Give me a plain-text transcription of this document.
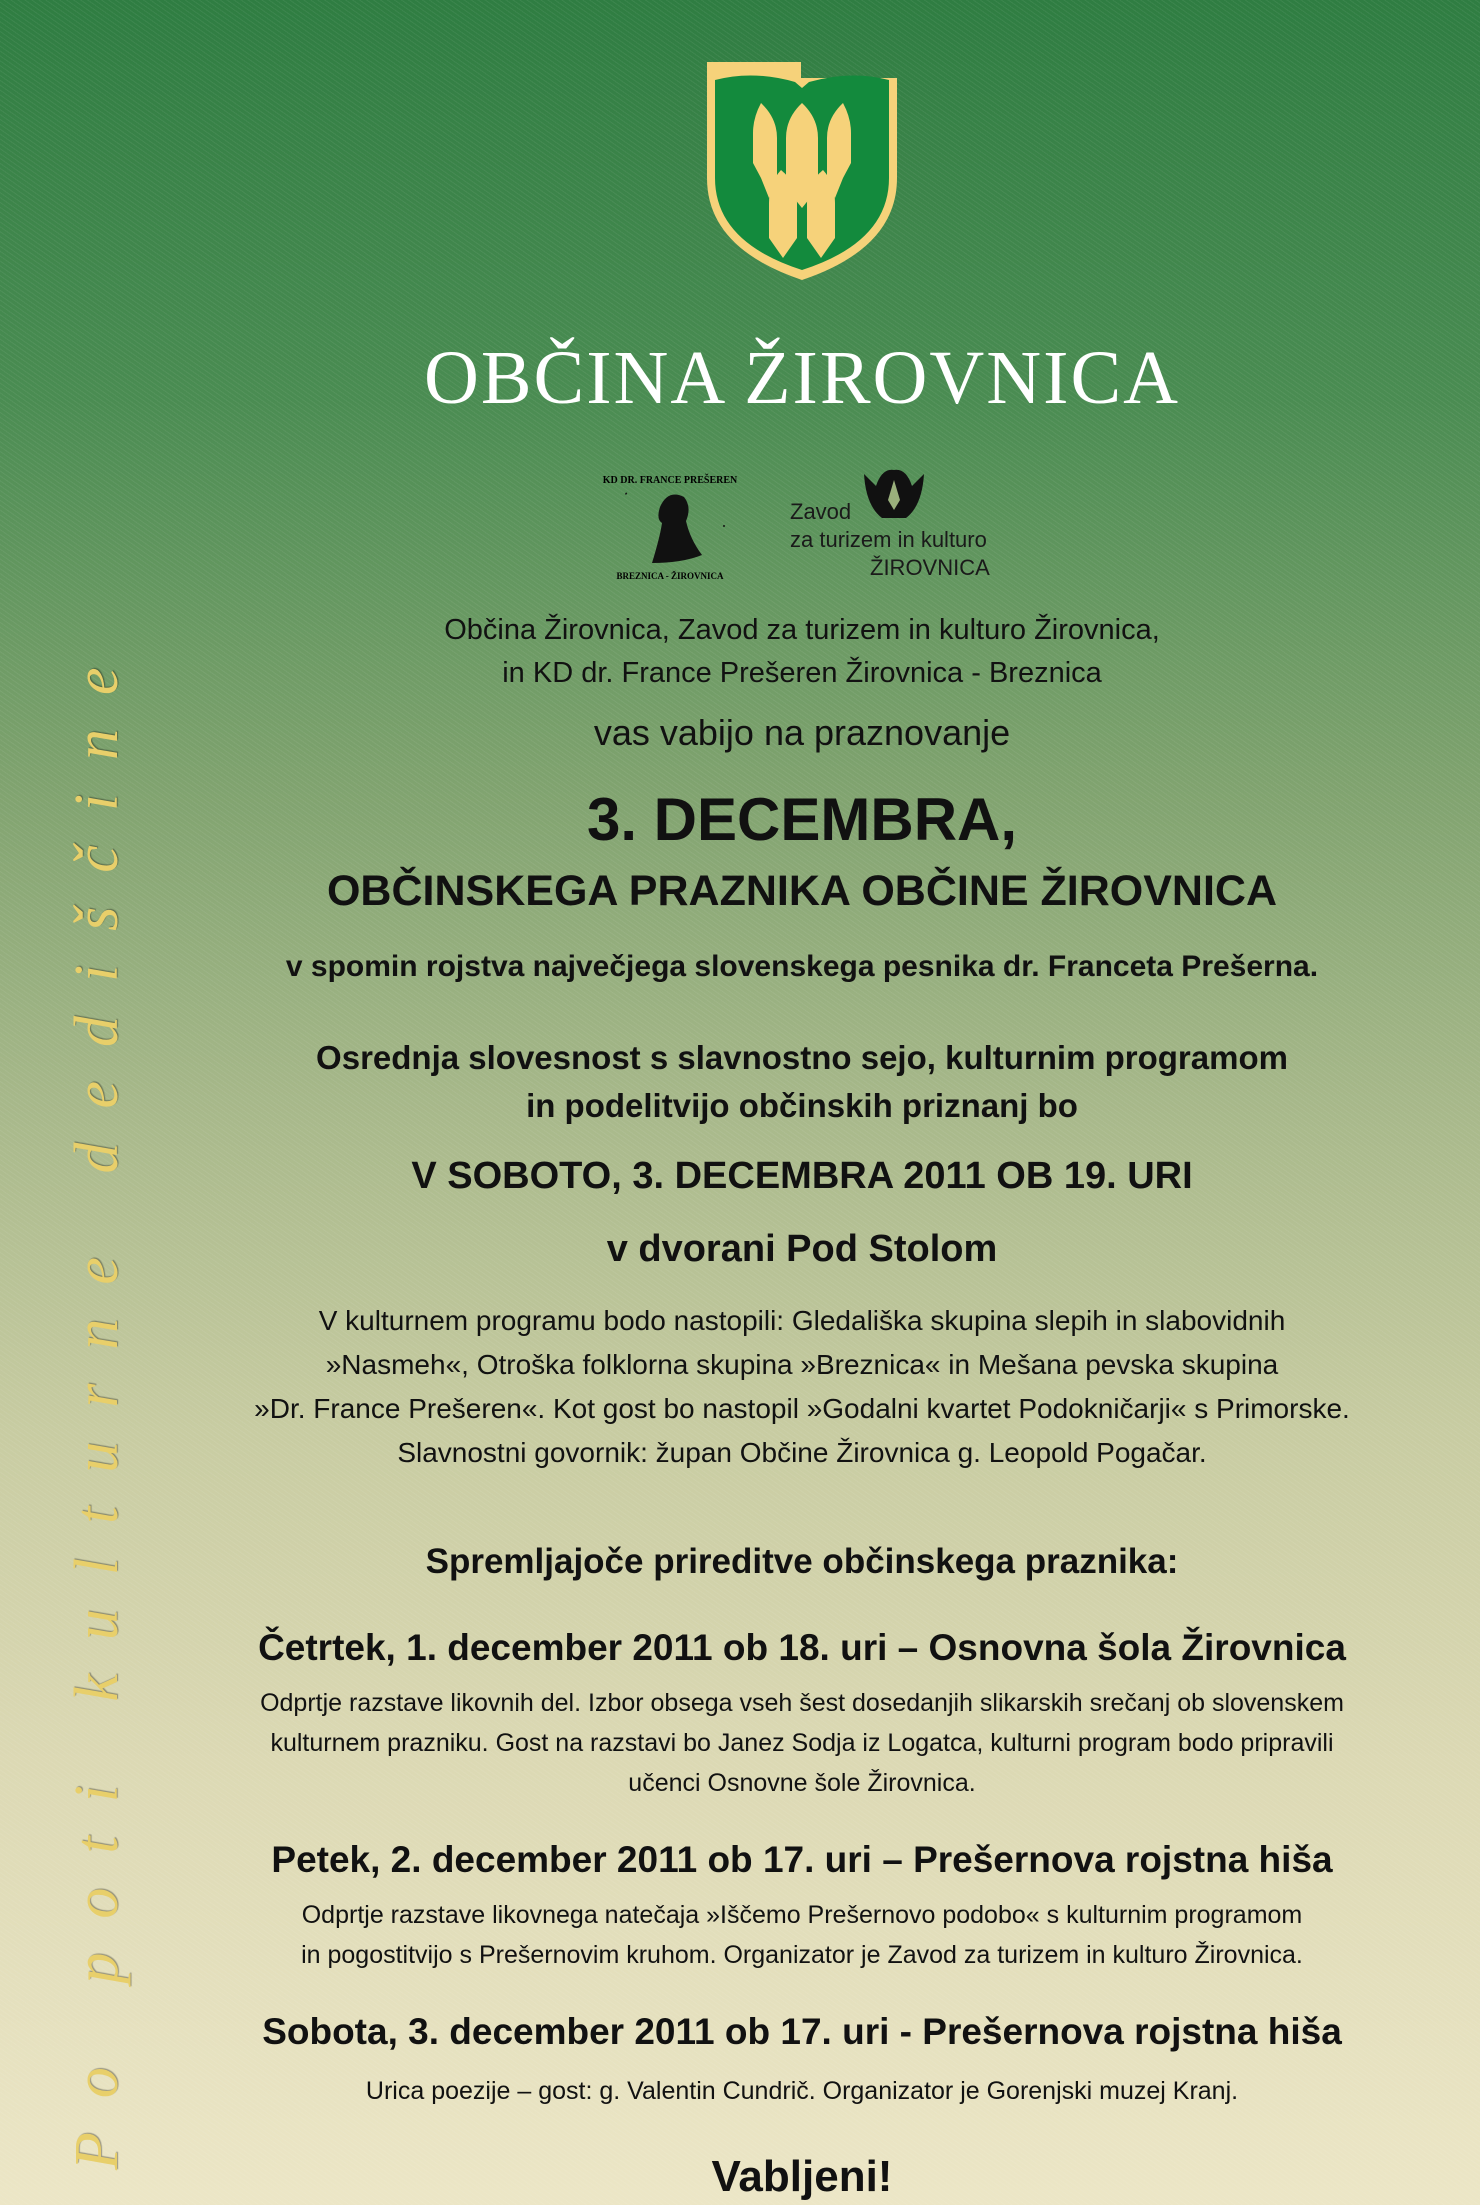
Po poti kulturne dediščine
OBČINA ŽIROVNICA
KD DR. FRANCE PREŠEREN
BREZNICA - ŽIROVNICA
Zavod
za turizem in kulturo
ŽIROVNICA
Občina Žirovnica, Zavod za turizem in kulturo Žirovnica,
in KD dr. France Prešeren Žirovnica - Breznica
vas vabijo na praznovanje
3. DECEMBRA,
OBČINSKEGA PRAZNIKA OBČINE ŽIROVNICA
v spomin rojstva največjega slovenskega pesnika dr. Franceta Prešerna.
Osrednja slovesnost s slavnostno sejo, kulturnim programom
in podelitvijo občinskih priznanj bo
V SOBOTO, 3. DECEMBRA 2011 OB 19. URI
v dvorani Pod Stolom
V kulturnem programu bodo nastopili: Gledališka skupina slepih in slabovidnih
»Nasmeh«, Otroška folklorna skupina »Breznica« in Mešana pevska skupina
»Dr. France Prešeren«. Kot gost bo nastopil »Godalni kvartet Podokničarji« s Primorske.
Slavnostni govornik: župan Občine Žirovnica g. Leopold Pogačar.
Spremljajoče prireditve občinskega praznika:
Četrtek, 1. december 2011 ob 18. uri – Osnovna šola Žirovnica
Odprtje razstave likovnih del. Izbor obsega vseh šest dosedanjih slikarskih srečanj ob slovenskem
kulturnem prazniku. Gost na razstavi bo Janez Sodja iz Logatca, kulturni program bodo pripravili
učenci Osnovne šole Žirovnica.
Petek, 2. december 2011 ob 17. uri – Prešernova rojstna hiša
Odprtje razstave likovnega natečaja »Iščemo Prešernovo podobo« s kulturnim programom
in pogostitvijo s Prešernovim kruhom. Organizator je Zavod za turizem in kulturo Žirovnica.
Sobota, 3. december 2011 ob 17. uri - Prešernova rojstna hiša
Urica poezije – gost: g. Valentin Cundrič. Organizator je Gorenjski muzej Kranj.
Vabljeni!
